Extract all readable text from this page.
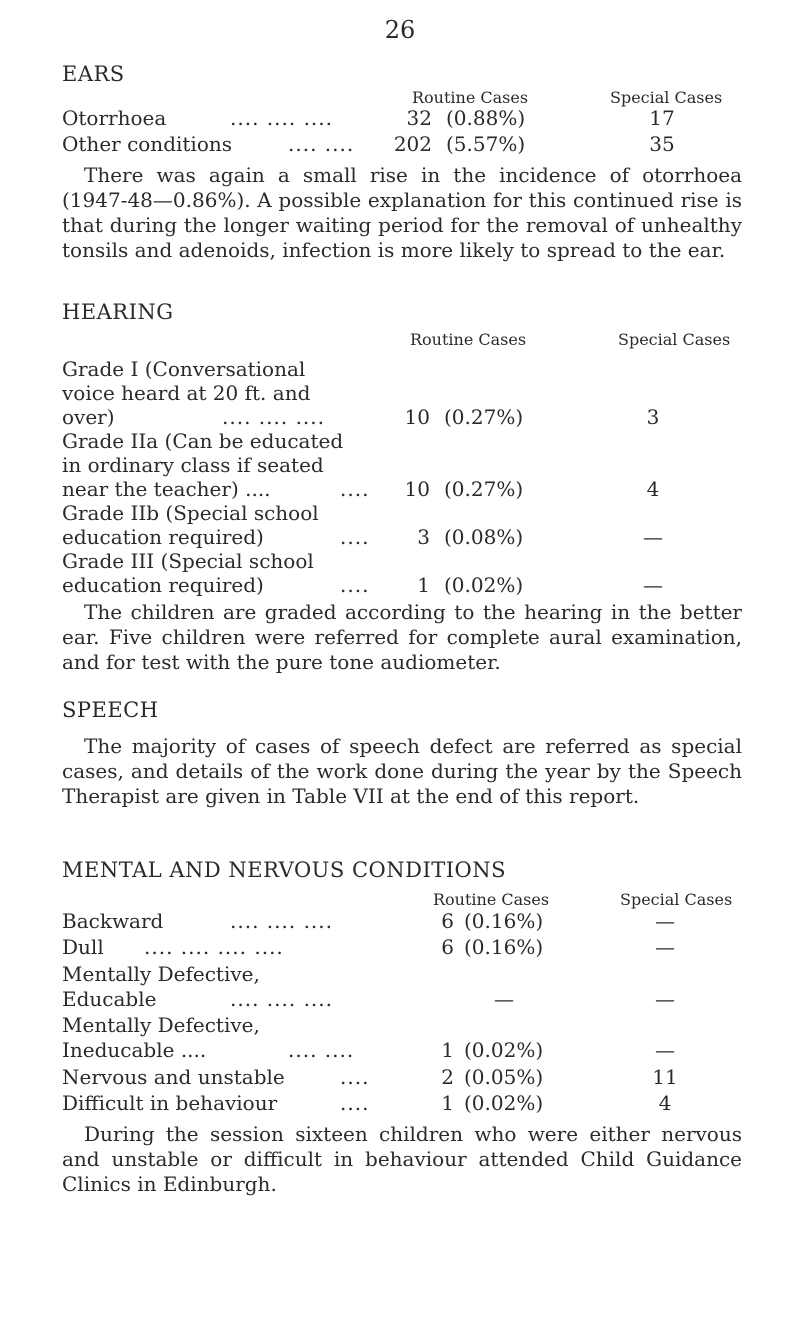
26
EARS
Routine Cases	Special Cases
Otorrhoea	.... .... ....	32 (0.88%)	17
Other conditions	.... .... 202 (5.57%)	35

There was again a small rise in the incidence of otorrhoea (1947-48—0.86%). A possible explanation for this continued rise is that during the longer waiting period for the removal of unhealthy tonsils and adenoids, infection is more likely to spread to the ear.

HEARING
Routine Cases	Special Cases
Grade I (Conversational
voice heard at 20 ft. and
over)	.... .... ....	10 (0.27%)	3
Grade IIa (Can be educated
in ordinary class if seated
near the teacher) ....	....	10 (0.27%)	4
Grade IIb (Special school
education required)	....	3 (0.08%)	—
Grade III (Special school
education required)	....	1 (0.02%)	—

The children are graded according to the hearing in the better ear. Five children were referred for complete aural examination, and for test with the pure tone audiometer.

SPEECH

The majority of cases of speech defect are referred as special cases, and details of the work done during the year by the Speech Therapist are given in Table VII at the end of this report.

MENTAL AND NERVOUS CONDITIONS
Routine Cases	Special Cases
Backward	.... .... ....	6 (0.16%)	—
Dull .... .... .... ....	6 (0.16%)	—
Mentally Defective,
Educable	.... .... ....	—	—
Mentally Defective,
Ineducable ....	.... ....	1 (0.02%)	—
Nervous and unstable	....	2 (0.05%)	11
Difficult in behaviour	....	1 (0.02%)	4

During the session sixteen children who were either nervous and unstable or difficult in behaviour attended Child Guidance Clinics in Edinburgh.
